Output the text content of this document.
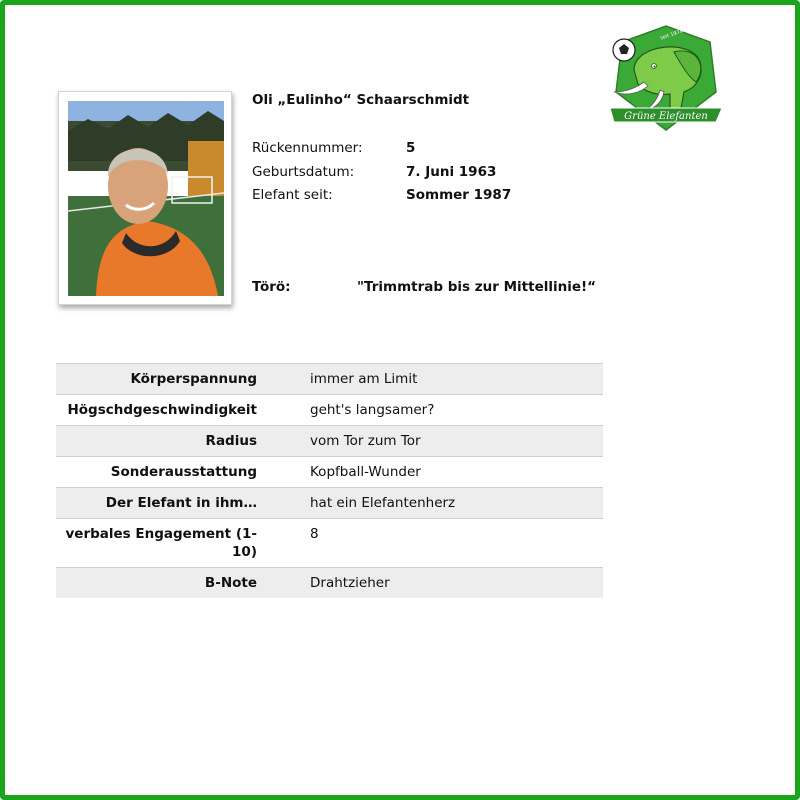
Grüne Elefanten
seit 1974
Oli „Eulinho“ Schaarschmidt
Rückennummer:	5
Geburtsdatum:	7. Juni 1963
Elefant seit:	Sommer 1987
Törö:	"Trimmtrab bis zur Mittellinie!“
Körperspannung		immer am Limit
Högschdgeschwindigkeit		geht's langsamer?
Radius		vom Tor zum Tor
Sonderausstattung		Kopfball-Wunder
Der Elefant in ihm…		hat ein Elefantenherz
verbales Engagement (1-10)		8
B-Note		Drahtzieher
